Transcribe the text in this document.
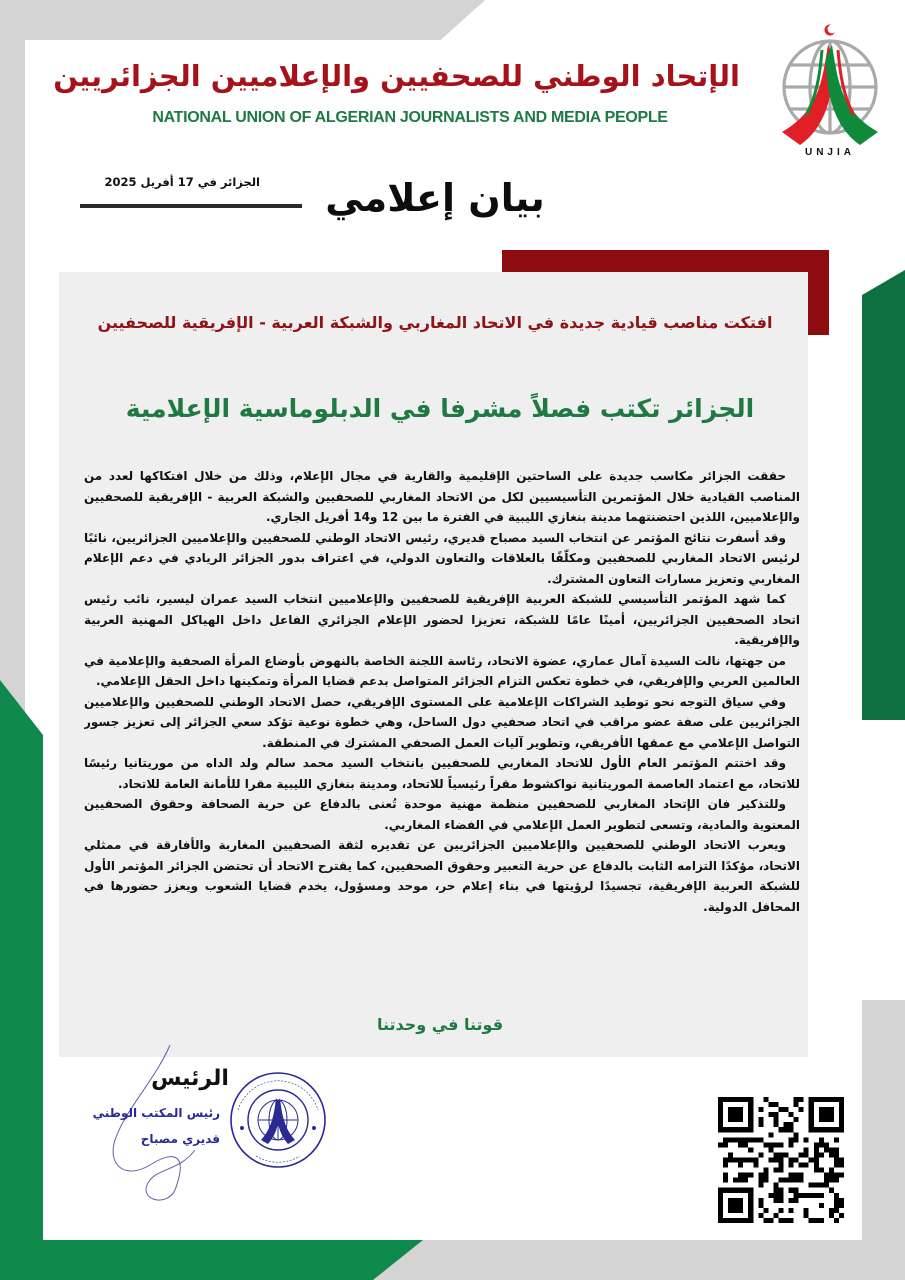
الإتحاد الوطني للصحفيين والإعلاميين الجزائريين
NATIONAL UNION OF ALGERIAN JOURNALISTS AND MEDIA PEOPLE
UNJIA
الجزائر في 17 أفريل 2025 بيان إعلامي
افتكت مناصب قيادية جديدة في الاتحاد المغاربي والشبكة العربية - الإفريقية للصحفيين
الجزائر تكتب فصلاً مشرفا في الدبلوماسية الإعلامية

حققت الجزائر مكاسب جديدة على الساحتين الإقليمية والقارية في مجال الإعلام، وذلك من خلال افتكاكها لعدد من المناصب القيادية خلال المؤتمرين التأسيسيين لكل من الاتحاد المغاربي للصحفيين والشبكة العربية - الإفريقية للصحفيين والإعلاميين، اللذين احتضنتهما مدينة بنغازي الليبية في الفترة ما بين 12 و14 أفريل الجاري.

وقد أسفرت نتائج المؤتمر عن انتخاب السيد مصباح قديري، رئيس الاتحاد الوطني للصحفيين والإعلاميين الجزائريين، نائبًا لرئيس الاتحاد المغاربي للصحفيين ومكلّفًا بالعلاقات والتعاون الدولي، في اعتراف بدور الجزائر الريادي في دعم الإعلام المغاربي وتعزيز مسارات التعاون المشترك.

كما شهد المؤتمر التأسيسي للشبكة العربية الإفريقية للصحفيين والإعلاميين انتخاب السيد عمران ليسير، نائب رئيس اتحاد الصحفيين الجزائريين، أمينًا عامًا للشبكة، تعزيزا لحضور الإعلام الجزائري الفاعل داخل الهياكل المهنية العربية والإفريقية.

من جهتها، نالت السيدة آمال عماري، عضوة الاتحاد، رئاسة اللجنة الخاصة بالنهوض بأوضاع المرأة الصحفية والإعلامية في العالمين العربي والإفريقي، في خطوة تعكس التزام الجزائر المتواصل بدعم قضايا المرأة وتمكينها داخل الحقل الإعلامي.

وفي سياق التوجه نحو توطيد الشراكات الإعلامية على المستوى الإفريقي، حصل الاتحاد الوطني للصحفيين والإعلاميين الجزائريين على صفة عضو مراقب في اتحاد صحفيي دول الساحل، وهي خطوة نوعية تؤكد سعي الجزائر إلى تعزيز جسور التواصل الإعلامي مع عمقها الأفريقي، وتطوير آليات العمل الصحفي المشترك في المنطقة.

وقد اختتم المؤتمر العام الأول للاتحاد المغاربي للصحفيين بانتخاب السيد محمد سالم ولد الداه من موريتانيا رئيسًا للاتحاد، مع اعتماد العاصمة الموريتانية نواكشوط مقراً رئيسياً للاتحاد، ومدينة بنغازي الليبية مقرا للأمانة العامة للاتحاد.

وللتذكير فان الإتحاد المغاربي للصحفيين منظمة مهنية موحدة تُعنى بالدفاع عن حرية الصحافة وحقوق الصحفيين المعنوية والمادية، وتسعى لتطوير العمل الإعلامي في الفضاء المغاربي.

ويعرب الاتحاد الوطني للصحفيين والإعلاميين الجزائريين عن تقديره لثقة الصحفيين المغاربة والأفارقة في ممثلي الاتحاد، مؤكدًا التزامه الثابت بالدفاع عن حرية التعبير وحقوق الصحفيين، كما يقترح الاتحاد أن تحتضن الجزائر المؤتمر الأول للشبكة العربية الإفريقية، تجسيدًا لرؤيتها في بناء إعلام حر، موحد ومسؤول، يخدم قضايا الشعوب ويعزز حضورها في المحافل الدولية.

قوتنا في وحدتنا
الرئيس
رئيس المكتب الوطني
قديري مصباح
